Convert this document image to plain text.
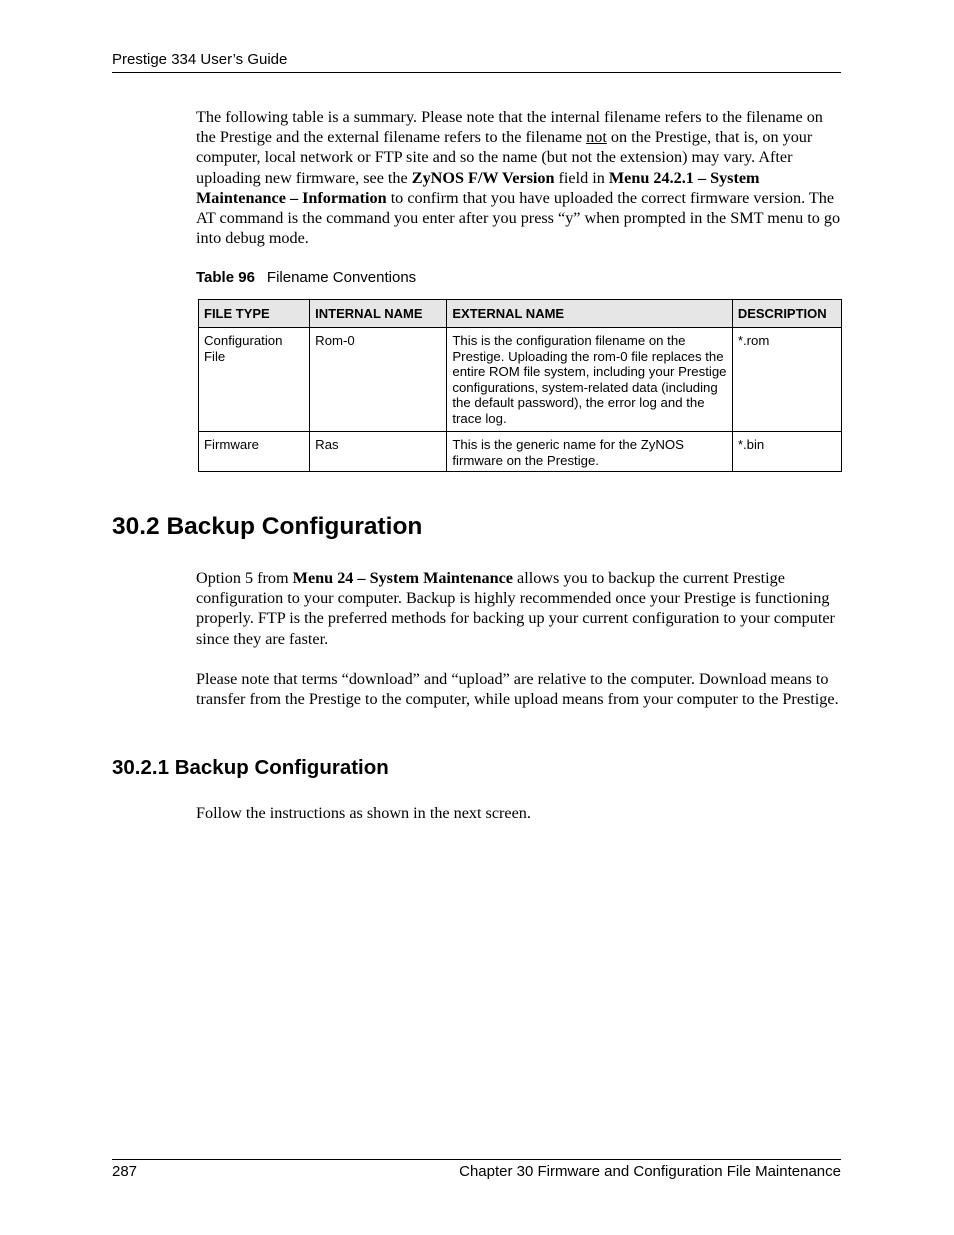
Prestige 334 User’s Guide

The following table is a summary. Please note that the internal filename refers to the filename on the Prestige and the external filename refers to the filename not on the Prestige, that is, on your computer, local network or FTP site and so the name (but not the extension) may vary. After uploading new firmware, see the ZyNOS F/W Version field in Menu 24.2.1 – System Maintenance – Information to confirm that you have uploaded the correct firmware version. The AT command is the command you enter after you press “y” when prompted in the SMT menu to go into debug mode.

Table 96 Filename Conventions
FILE TYPE	INTERNAL NAME	EXTERNAL NAME	DESCRIPTION
Configuration File	Rom-0	This is the configuration filename on the Prestige. Uploading the rom-0 file replaces the entire ROM file system, including your Prestige configurations, system-related data (including the default password), the error log and the trace log.	*.rom
Firmware	Ras	This is the generic name for the ZyNOS firmware on the Prestige.	*.bin
30.2 Backup Configuration

Option 5 from Menu 24 – System Maintenance allows you to backup the current Prestige configuration to your computer. Backup is highly recommended once your Prestige is functioning properly. FTP is the preferred methods for backing up your current configuration to your computer since they are faster.

Please note that terms “download” and “upload” are relative to the computer. Download means to transfer from the Prestige to the computer, while upload means from your computer to the Prestige.

30.2.1 Backup Configuration

Follow the instructions as shown in the next screen.

287	Chapter 30 Firmware and Configuration File Maintenance
